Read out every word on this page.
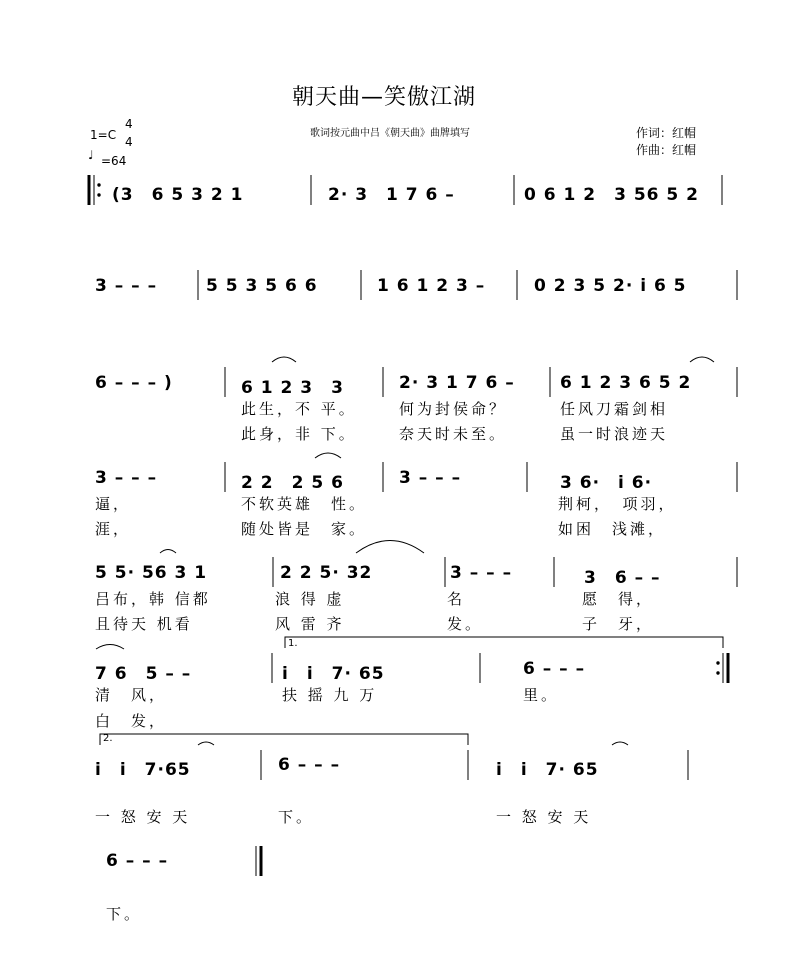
朝天曲—笑傲江湖
歌词按元曲中吕《朝天曲》曲牌填写	作词：红帽
作曲：红帽
1=C
4
4
♩ =64
(3　6 5 3 2 1	2· 3　1 7 6 –	0 6 1 2　3 56 5 2
3 – – –	5 5 3 5 6 6	1 6 1 2 3 –	0 2 3 5 2· i 6 5
6 – – – )	6 1 2 3　3	2· 3 1 7 6 –	6 1 2 3 6 5 2
此生，不 平。	何为封侯命？	任风刀霜剑相
此身，非 下。	奈天时未至。	虽一时浪迹天
3 – – –	2 2　2 5 6	3 – – –	3 6·　i 6·
逼，	不软英雄　性。	荆柯，　项羽，
涯，	随处皆是　家。	如困　浅滩，
5 5· 56 3 1	2 2 5· 32	3 – – –	3　6 – –
吕布，韩 信都	浪 得 虚	名	愿　得，
且待天 机看	风 雷 齐	发。	子　牙，
1.
7 6　5 – –	i　i　7· 65	6 – – –
清　风，	扶 摇 九 万	里。
白　发，
2.
i　i　7·65	6 – – –	i　i　7· 65
一 怒 安 天	下。	一 怒 安 天
6 – – –
下。
